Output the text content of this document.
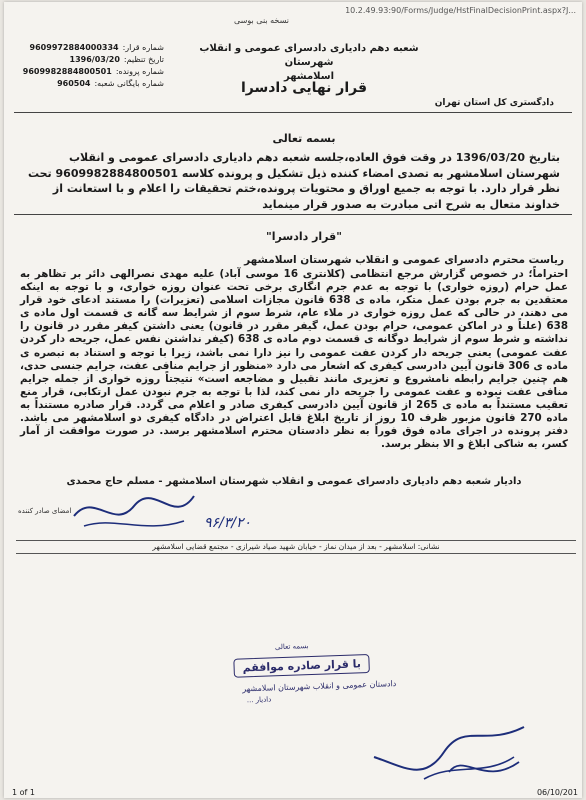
10.2.49.93:90/Forms/Judge/HstFinalDecisionPrint.aspx?J...
نسخه بنی بوسی
شماره قرار:
9609972884000334
تاریخ تنظیم:
1396/03/20
شماره پرونده:
9609982884800501
شماره بایگانی شعبه:
960504
شعبه دهم دادیاری دادسرای عمومی و انقلاب شهرستان
اسلامشهر
قرار نهایی دادسرا
دادگستری کل استان تهران
بسمه تعالی
بتاریخ 1396/03/20 در وقت فوق العاده،جلسه شعبه دهم دادیاری دادسرای عمومی و انقلاب شهرستان اسلامشهر به تصدی امضاء کننده ذیل تشکیل و پرونده کلاسه 9609982884800501 تحت نظر قرار دارد. با توجه به جمیع اوراق و محتویات پرونده،ختم تحقیقات را اعلام و با استعانت از خداوند متعال به شرح اتی مبادرت به صدور قرار مینماید
"قرار دادسرا"
ریاست محترم دادسرای عمومی و انقلاب شهرستان اسلامشهر
احتراماً؛ در خصوص گزارش مرجع انتظامی (کلانتری 16 موسی آباد) علیه مهدی نصرالهی دائر بر تظاهر به عمل حرام (روزه خواری) با توجه به عدم جرم انگاری برخی تحت عنوان روزه خواری، و با توجه به اینکه معتقدین به جرم بودن عمل متکر، ماده ی 638 قانون مجازات اسلامی (تعزیرات) را مستند ادعای خود قرار می دهند، در حالی که عمل روزه خواری در ملاء عام، شرط سوم از شرایط سه گانه ی قسمت اول ماده ی 638 (علناً و در اماکن عمومی، حرام بودن عمل، گیفر مقرر در قانون) یعنی داشتن کیفر مقرر در قانون را نداشته و شرط سوم از شرایط دوگانه ی قسمت دوم ماده ی 638 (کیفر نداشتن نفس عمل، جریحه دار کردن عفت عمومی) یعنی جریحه دار کردن عفت عمومی را نیز دارا نمی باشد، زیرا با توجه و استناد به تبصره ی ماده ی 306 قانون آیین دادرسی کیفری که اشعار می دارد «منظور از جرایم منافی عفت، جرایم جنسی حدی، هم چنین جرایم رابطه نامشروع و تعزیری مانند تقبیل و مضاجعه است» نتیجتاً روزه خواری از جمله جرایم منافی عفت نبوده و عفت عمومی را جریحه دار نمی کند، لذا با توجه به جرم نبودن عمل ارتکابی، قرار منع تعقیب مستنداً به ماده ی 265 از قانون آیین دادرسی کیفری صادر و اعلام می گردد. قرار صادره مستنداً به ماده 270 قانون مزبور ظرف 10 روز از تاریخ ابلاغ قابل اعتراض در دادگاه کیفری دو اسلامشهر می باشد. دفتر پرونده در اجرای ماده فوق فوراً به نظر دادستان محترم اسلامشهر برسد. در صورت موافقت از آمار کسر، به شاکی ابلاغ و الا بنظر برسد.
دادیار شعبه دهم دادیاری دادسرای عمومی و انقلاب شهرستان اسلامشهر - مسلم حاج محمدی
امضای صادر کننده
۹۶/۳/۲۰
نشانی: اسلامشهر - بعد از میدان نماز - خیابان شهید صیاد شیرازی - مجتمع قضایی اسلامشهر
بسمه تعالی
با قرار صادره موافقم
دادستان عمومی و انقلاب شهرستان اسلامشهر
دادیار ...
1 of 1	06/10/201
